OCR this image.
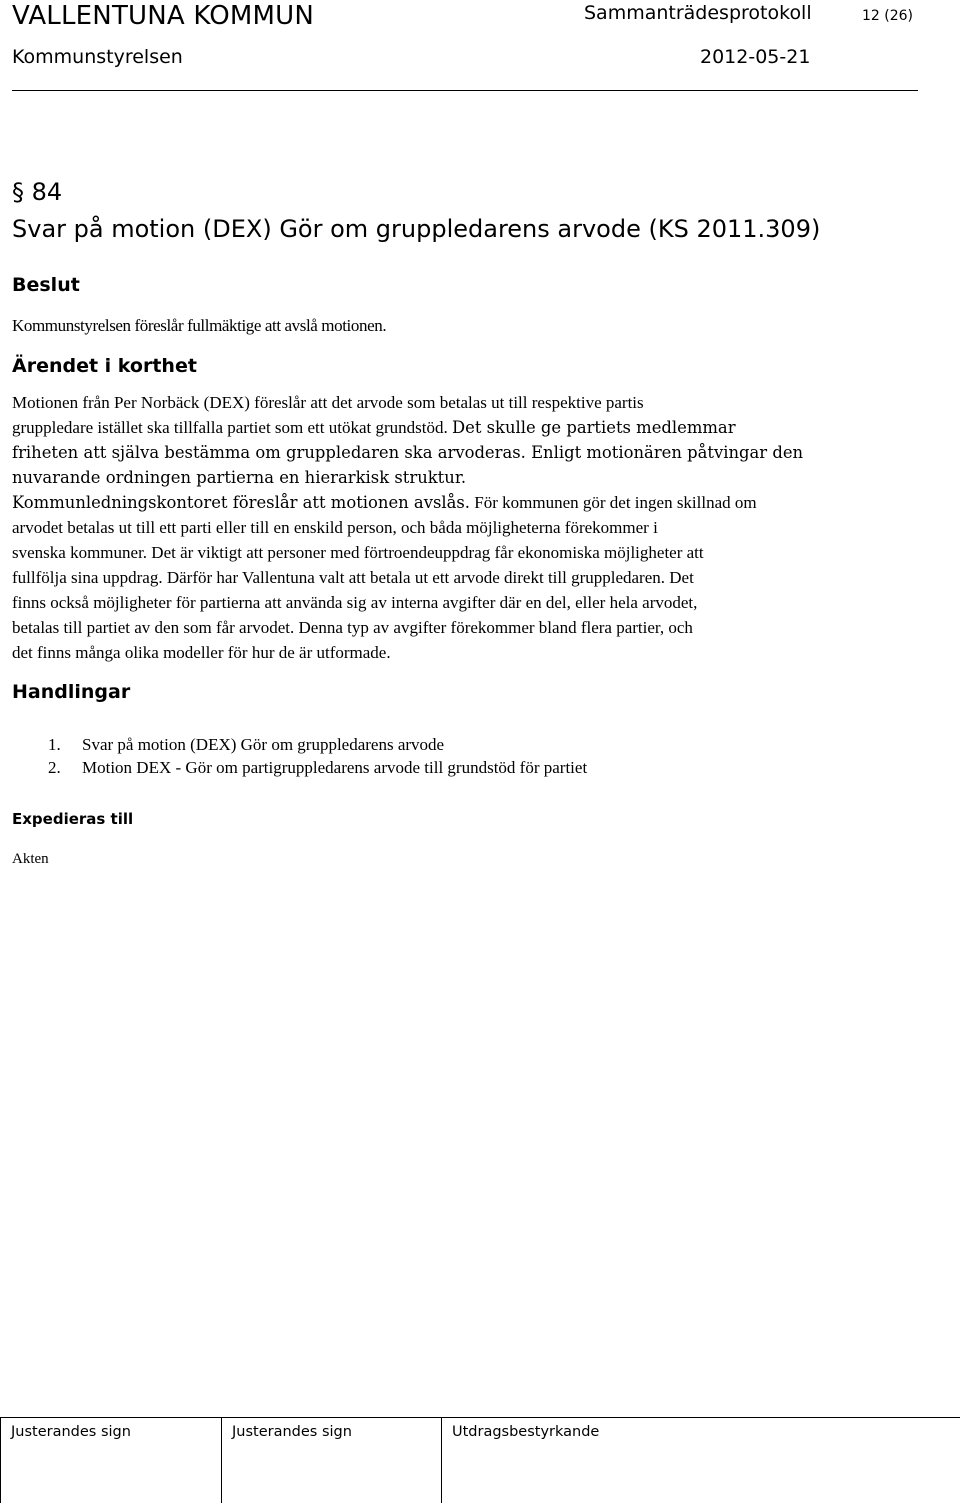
VALLENTUNA KOMMUN	Sammanträdesprotokoll	12 (26)
Kommunstyrelsen	2012-05-21
§ 84
Svar på motion (DEX) Gör om gruppledarens arvode (KS 2011.309)
Beslut
Kommunstyrelsen föreslår fullmäktige att avslå motionen.
Ärendet i korthet
Motionen från Per Norbäck (DEX) föreslår att det arvode som betalas ut till respektive partis
gruppledare istället ska tillfalla partiet som ett utökat grundstöd. Det skulle ge partiets medlemmar
friheten att själva bestämma om gruppledaren ska arvoderas. Enligt motionären påtvingar den
nuvarande ordningen partierna en hierarkisk struktur.
Kommunledningskontoret föreslår att motionen avslås. För kommunen gör det ingen skillnad om
arvodet betalas ut till ett parti eller till en enskild person, och båda möjligheterna förekommer i
svenska kommuner. Det är viktigt att personer med förtroendeuppdrag får ekonomiska möjligheter att
fullfölja sina uppdrag. Därför har Vallentuna valt att betala ut ett arvode direkt till gruppledaren. Det
finns också möjligheter för partierna att använda sig av interna avgifter där en del, eller hela arvodet,
betalas till partiet av den som får arvodet. Denna typ av avgifter förekommer bland flera partier, och
det finns många olika modeller för hur de är utformade.
Handlingar
1. Svar på motion (DEX) Gör om gruppledarens arvode
2. Motion DEX - Gör om partigruppledarens arvode till grundstöd för partiet
Expedieras till
Akten
Justerandes sign	Justerandes sign	Utdragsbestyrkande
